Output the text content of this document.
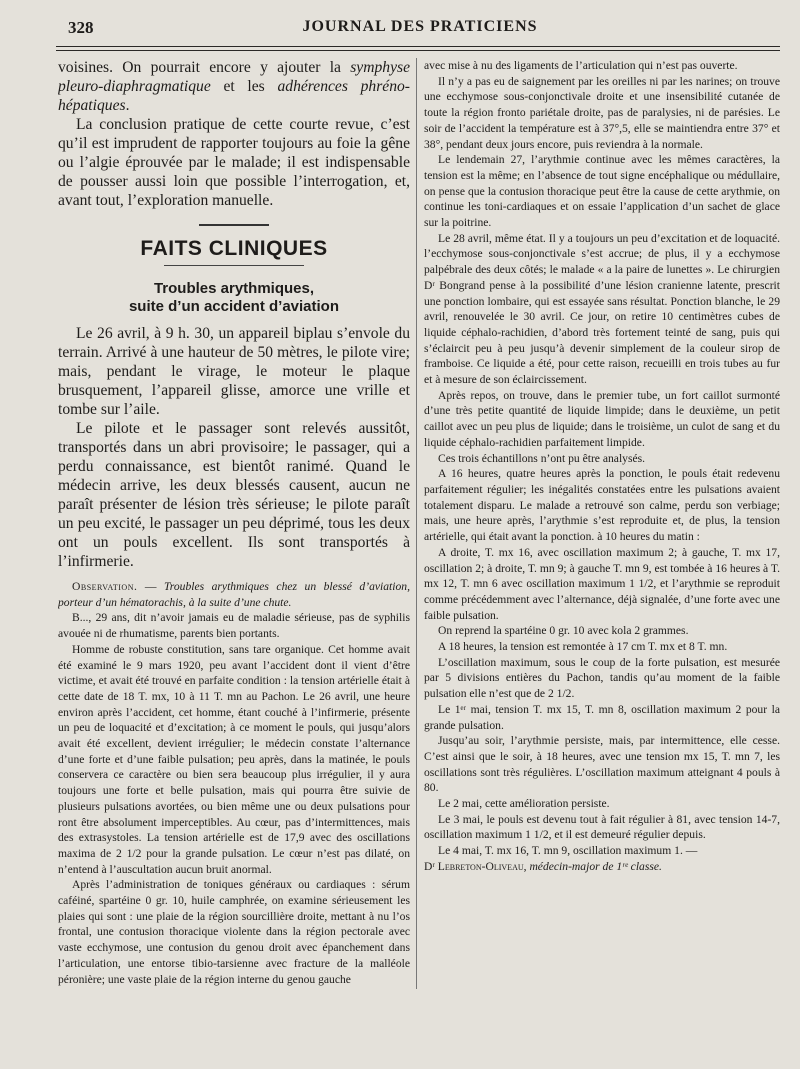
328	JOURNAL DES PRATICIENS

voisines. On pourrait encore y ajouter la symphyse pleuro-diaphragmatique et les adhérences phréno-hépatiques.

La conclusion pratique de cette courte revue, c’est qu’il est imprudent de rapporter toujours au foie la gêne ou l’algie éprouvée par le malade; il est indispensable de pousser aussi loin que possible l’interrogation, et, avant tout, l’exploration manuelle.

FAITS CLINIQUES
Troubles arythmiques,
suite d’un accident d’aviation

Le 26 avril, à 9 h. 30, un appareil biplau s’envole du terrain. Arrivé à une hauteur de 50 mètres, le pilote vire; mais, pendant le virage, le moteur le plaque brusquement, l’appareil glisse, amorce une vrille et tombe sur l’aile.

Le pilote et le passager sont relevés aussitôt, transportés dans un abri provisoire; le passager, qui a perdu connaissance, est bientôt ranimé. Quand le médecin arrive, les deux blessés causent, aucun ne paraît présenter de lésion très sérieuse; le pilote paraît un peu excité, le passager un peu déprimé, tous les deux ont un pouls excellent. Ils sont transportés à l’infirmerie.

Observation. — Troubles arythmiques chez un blessé d’aviation, porteur d’un hématorachis, à la suite d’une chute.

B..., 29 ans, dit n’avoir jamais eu de maladie sérieuse, pas de syphilis avouée ni de rhumatisme, parents bien portants.

Homme de robuste constitution, sans tare organique. Cet homme avait été examiné le 9 mars 1920, peu avant l’accident dont il vient d’être victime, et avait été trouvé en parfaite condition : la tension artérielle était à cette date de 18 T. mx, 10 à 11 T. mn au Pachon. Le 26 avril, une heure environ après l’accident, cet homme, étant couché à l’infirmerie, présente un peu de loquacité et d’excitation; à ce moment le pouls, qui jusqu’alors avait été excellent, devient irrégulier; le médecin constate l’alternance d’une forte et d’une faible pulsation; peu après, dans la matinée, le pouls conservera ce caractère ou bien sera beaucoup plus irrégulier, il y aura toujours une forte et belle pulsation, mais qui pourra être suivie de plusieurs pulsations avortées, ou bien même une ou deux pulsations pour ront être absolument imperceptibles. Au cœur, pas d’intermittences, mais des extrasystoles. La tension artérielle est de 17,9 avec des oscillations maxima de 2 1/2 pour la grande pulsation. Le cœur n’est pas dilaté, on n’entend à l’auscultation aucun bruit anormal.

Après l’administration de toniques généraux ou cardiaques : sérum caféiné, spartéine 0 gr. 10, huile camphrée, on examine sérieusement les plaies qui sont : une plaie de la région sourcillière droite, mettant à nu l’os frontal, une contusion thoracique violente dans la région pectorale avec vaste ecchymose, une contusion du genou droit avec épanchement dans l’articulation, une entorse tibio-tarsienne avec fracture de la malléole péronière; une vaste plaie de la région interne du genou gauche

avec mise à nu des ligaments de l’articulation qui n’est pas ouverte.

Il n’y a pas eu de saignement par les oreilles ni par les narines; on trouve une ecchymose sous-conjonctivale droite et une insensibilité cutanée de toute la région fronto pariétale droite, pas de paralysies, ni de parésies. Le soir de l’accident la température est à 37°,5, elle se maintiendra entre 37° et 38°, pendant deux jours encore, puis reviendra à la normale.

Le lendemain 27, l’arythmie continue avec les mêmes caractères, la tension est la même; en l’absence de tout signe encéphalique ou médullaire, on pense que la contusion thoracique peut être la cause de cette arythmie, on continue les toni-cardiaques et on essaie l’application d’un sachet de glace sur la poitrine.

Le 28 avril, même état. Il y a toujours un peu d’excitation et de loquacité. l’ecchymose sous-conjonctivale s’est accrue; de plus, il y a ecchymose palpébrale des deux côtés; le malade « a la paire de lunettes ». Le chirurgien Dʳ Bongrand pense à la possibilité d’une lésion cranienne latente, prescrit une ponction lombaire, qui est essayée sans résultat. Ponction blanche, le 29 avril, renouvelée le 30 avril. Ce jour, on retire 10 centimètres cubes de liquide céphalo-rachidien, d’abord très fortement teinté de sang, puis qui s’éclaircit peu à peu jusqu’à devenir simplement de la couleur sirop de framboise. Ce liquide a été, pour cette raison, recueilli en trois tubes au fur et à mesure de son éclaircissement.

Après repos, on trouve, dans le premier tube, un fort caillot surmonté d’une très petite quantité de liquide limpide; dans le deuxième, un petit caillot avec un peu plus de liquide; dans le troisième, un culot de sang et du liquide céphalo-rachidien parfaitement limpide.

Ces trois échantillons n’ont pu être analysés.

A 16 heures, quatre heures après la ponction, le pouls était redevenu parfaitement régulier; les inégalités constatées entre les pulsations avaient totalement disparu. Le malade a retrouvé son calme, perdu son verbiage; mais, une heure après, l’arythmie s’est reproduite et, de plus, la tension artérielle, qui était avant la ponction. à 10 heures du matin :

A droite, T. mx 16, avec oscillation maximum 2; à gauche, T. mx 17, oscillation 2; à droite, T. mn 9; à gauche T. mn 9, est tombée à 16 heures à T. mx 12, T. mn 6 avec oscillation maximum 1 1/2, et l’arythmie se reproduit comme précédemment avec l’alternance, déjà signalée, d’une forte avec une faible pulsation.

On reprend la spartéine 0 gr. 10 avec kola 2 grammes.

A 18 heures, la tension est remontée à 17 cm T. mx et 8 T. mn.

L’oscillation maximum, sous le coup de la forte pulsation, est mesurée par 5 divisions entières du Pachon, tandis qu’au moment de la faible pulsation elle n’est que de 2 1/2.

Le 1ᵉʳ mai, tension T. mx 15, T. mn 8, oscillation maximum 2 pour la grande pulsation.

Jusqu’au soir, l’arythmie persiste, mais, par intermittence, elle cesse. C’est ainsi que le soir, à 18 heures, avec une tension mx 15, T. mn 7, les oscillations sont très régulières. L’oscillation maximum atteignant 4 pouls à 80.

Le 2 mai, cette amélioration persiste.

Le 3 mai, le pouls est devenu tout à fait régulier à 81, avec tension 14-7, oscillation maximum 1 1/2, et il est demeuré régulier depuis.

Le 4 mai, T. mx 16, T. mn 9, oscillation maximum 1. —

Dʳ Lebreton-Oliveau, médecin-major de 1ʳᵉ classe.
